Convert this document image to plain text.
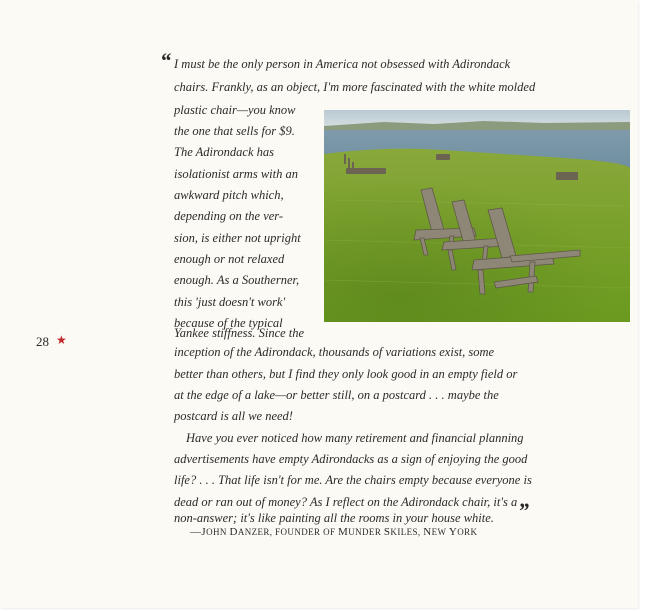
“ I must be the only person in America not obsessed with Adirondack
chairs. Frankly, as an object, I'm more fascinated with the white molded
plastic chair—you know
the one that sells for $9.
The Adirondack has
isolationist arms with an
awkward pitch which,
depending on the ver-
sion, is either not upright
enough or not relaxed
enough. As a Southerner,
this 'just doesn't work'
because of the typical
Yankee stiffness. Since the
inception of the Adirondack, thousands of variations exist, some
better than others, but I find they only look good in an empty field or
at the edge of a lake—or better still, on a postcard . . . maybe the
postcard is all we need!
Have you ever noticed how many retirement and financial planning
advertisements have empty Adirondacks as a sign of enjoying the good
life? . . . That life isn't for me. Are the chairs empty because everyone is
dead or ran out of money? As I reflect on the Adirondack chair, it's a
non-answer; it's like painting all the rooms in your house white. ”
—JOHN DANZER, FOUNDER OF MUNDER SKILES, NEW YORK
28 ★
